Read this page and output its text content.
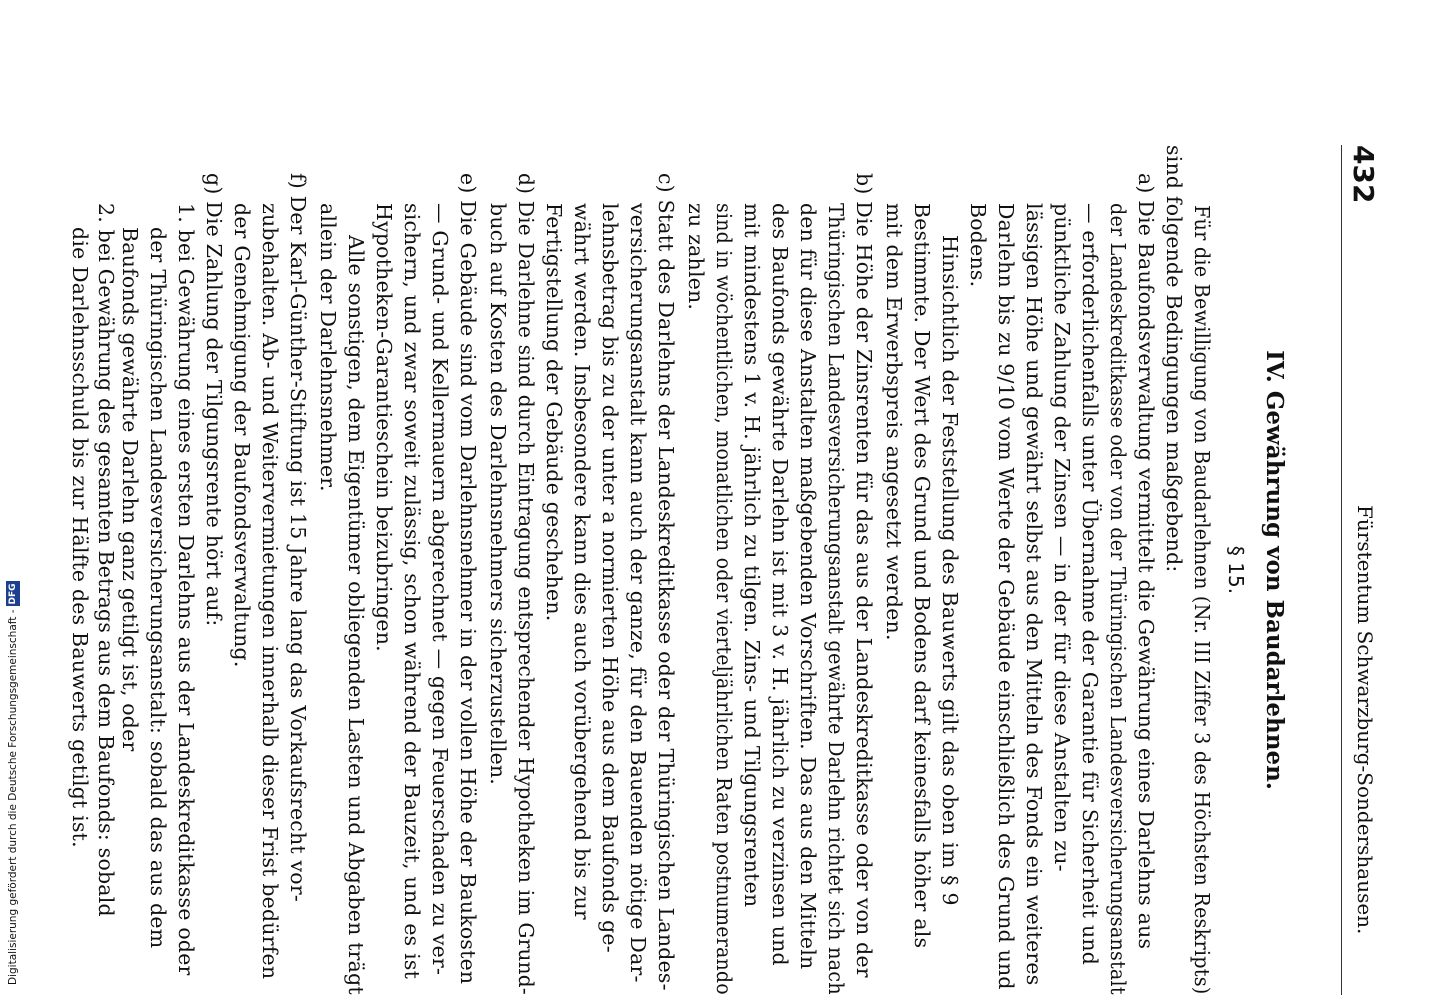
432
Fürstentum Schwarzburg-Sondershausen.
IV. Gewährung von Baudarlehnen.
§ 15.
Für die Bewilligung von Baudarlehnen (Nr. III Ziffer 3 des Höchsten Reskripts)
sind folgende Bedingungen maßgebend:
a) Die Baufondsverwaltung vermittelt die Gewährung eines Darlehns aus
der Landeskreditkasse oder von der Thüringischen Landesversicherungsanstalt
— erforderlichenfalls unter Übernahme der Garantie für Sicherheit und
pünktliche Zahlung der Zinsen — in der für diese Anstalten zu-
lässigen Höhe und gewährt selbst aus den Mitteln des Fonds ein weiteres
Darlehn bis zu 9/10 vom Werte der Gebäude einschließlich des Grund und
Bodens.
Hinsichtlich der Feststellung des Bauwerts gilt das oben im § 9
Bestimmte. Der Wert des Grund und Bodens darf keinesfalls höher als
mit dem Erwerbspreis angesetzt werden.
b) Die Höhe der Zinsrenten für das aus der Landeskreditkasse oder von der
Thüringischen Landesversicherungsanstalt gewährte Darlehn richtet sich nach
den für diese Anstalten maßgebenden Vorschriften. Das aus den Mitteln
des Baufonds gewährte Darlehn ist mit 3 v. H. jährlich zu verzinsen und
mit mindestens 1 v. H. jährlich zu tilgen. Zins- und Tilgungsrenten
sind in wöchentlichen, monatlichen oder vierteljährlichen Raten postnumerando
zu zahlen.
c) Statt des Darlehns der Landeskreditkasse oder der Thüringischen Landes-
versicherungsanstalt kann auch der ganze, für den Bauenden nötige Dar-
lehnsbetrag bis zu der unter a normierten Höhe aus dem Baufonds ge-
währt werden. Insbesondere kann dies auch vorübergehend bis zur
Fertigstellung der Gebäude geschehen.
d) Die Darlehne sind durch Eintragung entsprechender Hypotheken im Grund-
buch auf Kosten des Darlehnsnehmers sicherzustellen.
e) Die Gebäude sind vom Darlehnsnehmer in der vollen Höhe der Baukosten
— Grund- und Kellermauern abgerechnet — gegen Feuerschaden zu ver-
sichern, und zwar soweit zulässig, schon während der Bauzeit, und es ist
Hypotheken-Garantieschein beizubringen.
Alle sonstigen, dem Eigentümer obliegenden Lasten und Abgaben trägt
allein der Darlehnsnehmer.
f) Der Karl-Günther-Stiftung ist 15 Jahre lang das Vorkaufsrecht vor-
zubehalten. Ab- und Weitervermietungen innerhalb dieser Frist bedürfen
der Genehmigung der Baufondsverwaltung.
g) Die Zahlung der Tilgungsrente hört auf:
1. bei Gewährung eines ersten Darlehns aus der Landeskreditkasse oder
der Thüringischen Landesversicherungsanstalt: sobald das aus dem
Baufonds gewährte Darlehn ganz getilgt ist, oder
2. bei Gewährung des gesamten Betrags aus dem Baufonds: sobald
die Darlehnsschuld bis zur Hälfte des Bauwerts getilgt ist.
Digitalisierung gefördert durch die Deutsche Forschungsgemeinschaft -DFG
